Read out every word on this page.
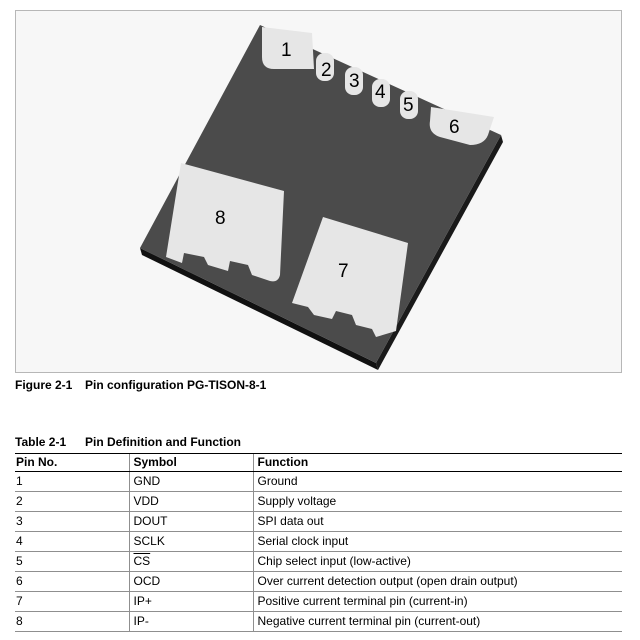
1
2
3
4
5
6
7
8
Figure 2-1 Pin configuration PG-TISON-8-1
Table 2-1 Pin Definition and Function
Pin No.	Symbol	Function
1	GND	Ground
2	VDD	Supply voltage
3	DOUT	SPI data out
4	SCLK	Serial clock input
5	$\overline{CS}$	Chip select input (low-active)
6	OCD	Over current detection output (open drain output)
7	IP+	Positive current terminal pin (current-in)
8	IP-	Negative current terminal pin (current-out)
